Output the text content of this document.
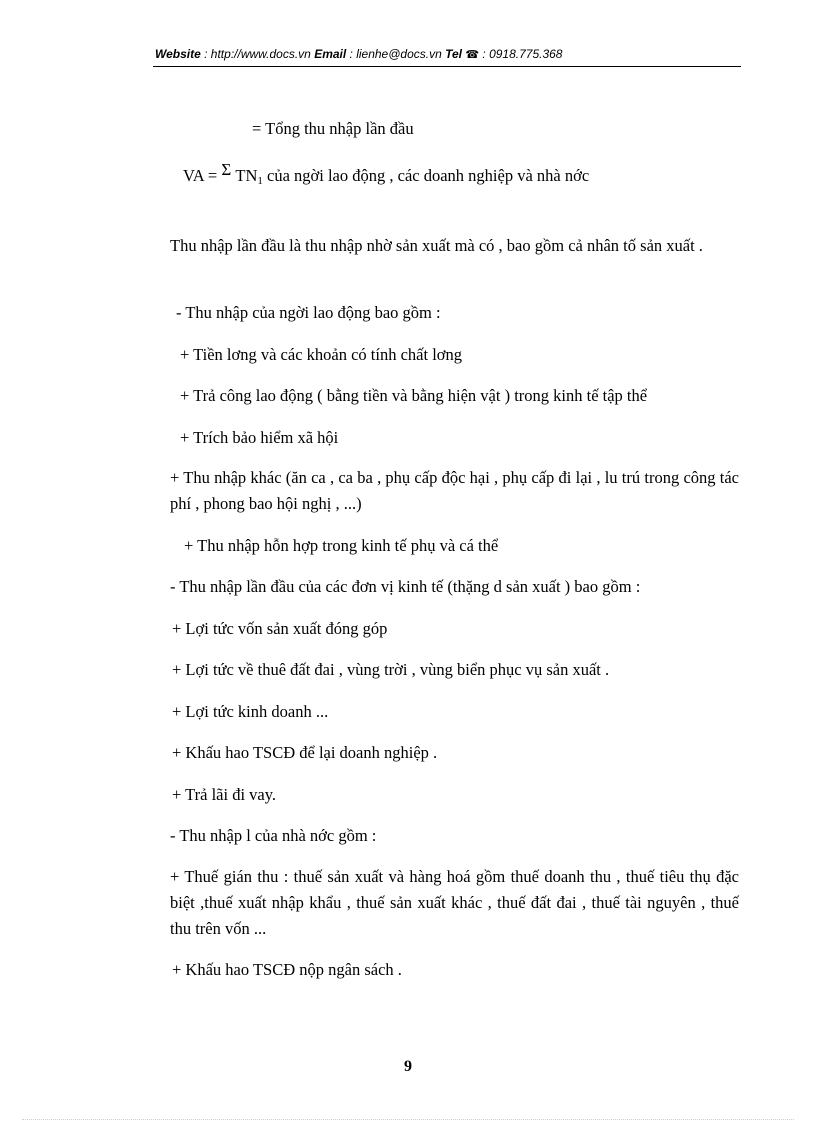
Website : http://www.docs.vn Email : lienhe@docs.vn Tel ☎ : 0918.775.368
= Tổng thu nhập lần đầu
VA = Σ $TN_1$ của ngời lao động , các doanh nghiệp và nhà nớc
Thu nhập lần đầu là thu nhập nhờ sản xuất mà có , bao gồm cả nhân tố sản xuất .
- Thu nhập của ngời lao động bao gồm :
+ Tiền lơng và các khoản có tính chất lơng
+ Trả công lao động ( bằng tiền và bằng hiện vật ) trong kinh tế tập thể
+ Trích bảo hiểm xã hội
+ Thu nhập khác (ăn ca , ca ba , phụ cấp độc hại , phụ cấp đi lại , lu trú trong công tác phí , phong bao hội nghị , ...)
+ Thu nhập hỗn hợp trong kinh tế phụ và cá thể
- Thu nhập lần đầu của các đơn vị kinh tế (thặng d sản xuất ) bao gồm :
+ Lợi tức vốn sản xuất đóng góp
+ Lợi tức về thuê đất đai , vùng trời , vùng biển phục vụ sản xuất .
+ Lợi tức kinh doanh ...
+ Khấu hao TSCĐ để lại doanh nghiệp .
+ Trả lãi đi vay.
- Thu nhập l của nhà nớc gồm :
+ Thuế gián thu : thuế sản xuất và hàng hoá gồm thuế doanh thu , thuế tiêu thụ đặc biệt ,thuế xuất nhập khẩu , thuế sản xuất khác , thuế đất đai , thuế tài nguyên , thuế thu trên vốn ...
+ Khấu hao TSCĐ nộp ngân sách .
9
